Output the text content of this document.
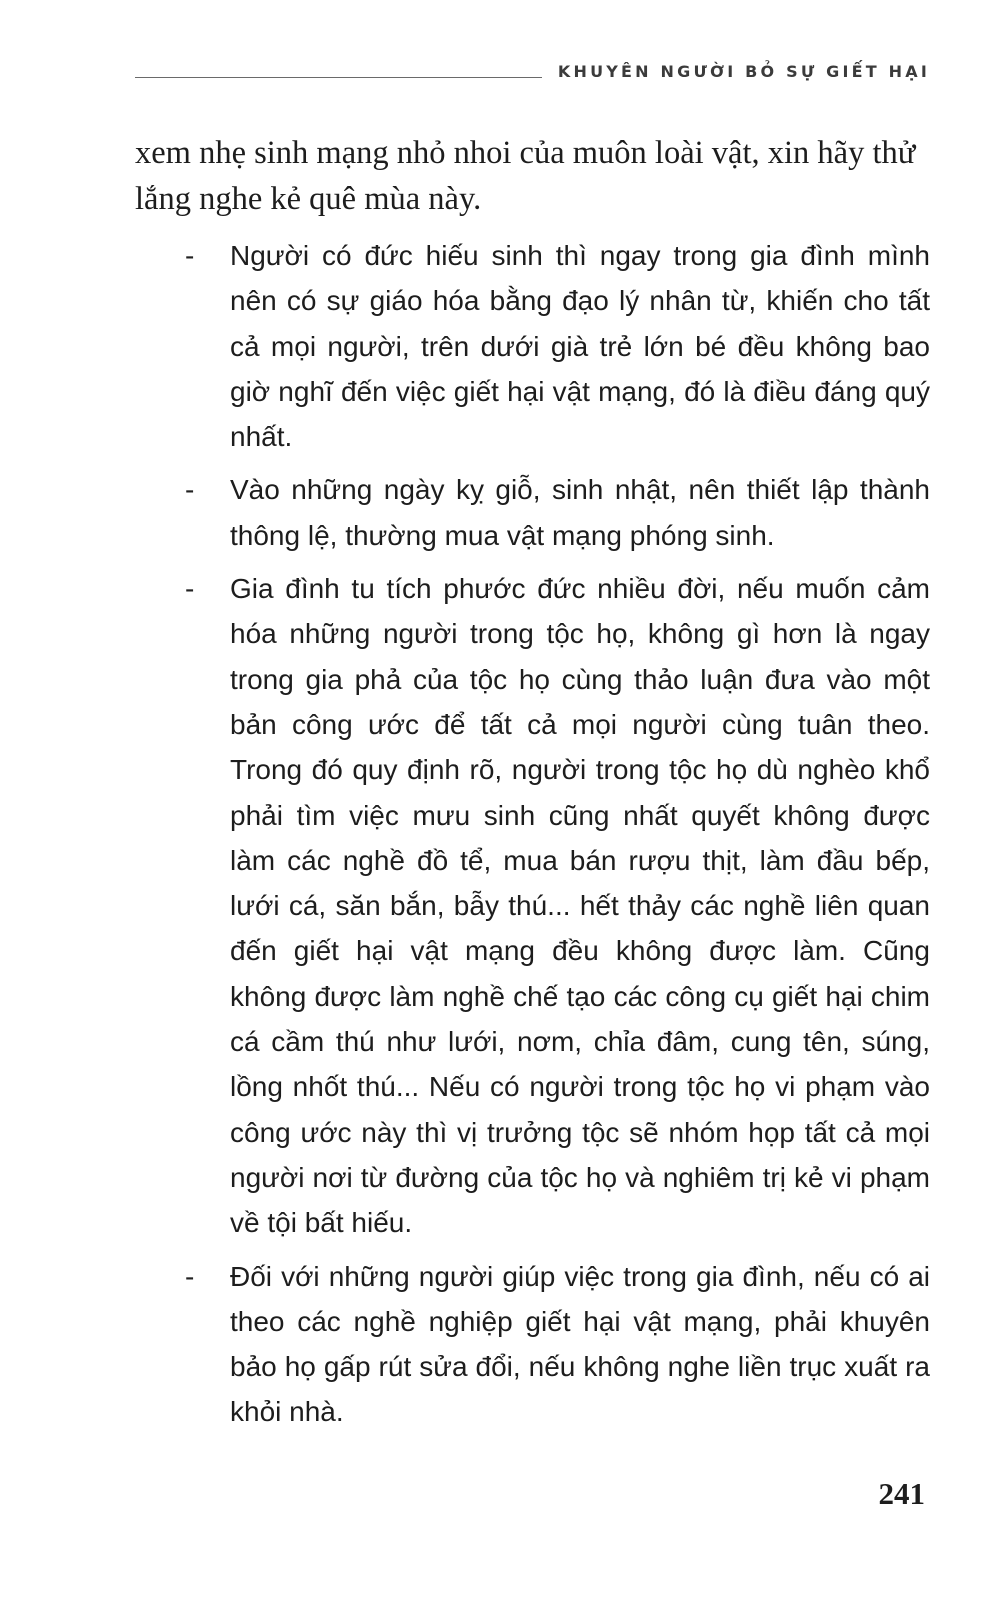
KHUYÊN NGƯỜI BỎ SỰ GIẾT HẠI

xem nhẹ sinh mạng nhỏ nhoi của muôn loài vật, xin hãy thử lắng nghe kẻ quê mùa này.

-	Người có đức hiếu sinh thì ngay trong gia đình mình nên có sự giáo hóa bằng đạo lý nhân từ, khiến cho tất cả mọi người, trên dưới già trẻ lớn bé đều không bao giờ nghĩ đến việc giết hại vật mạng, đó là điều đáng quý nhất.
-	Vào những ngày kỵ giỗ, sinh nhật, nên thiết lập thành thông lệ, thường mua vật mạng phóng sinh.
-	Gia đình tu tích phước đức nhiều đời, nếu muốn cảm hóa những người trong tộc họ, không gì hơn là ngay trong gia phả của tộc họ cùng thảo luận đưa vào một bản công ước để tất cả mọi người cùng tuân theo. Trong đó quy định rõ, người trong tộc họ dù nghèo khổ phải tìm việc mưu sinh cũng nhất quyết không được làm các nghề đồ tể, mua bán rượu thịt, làm đầu bếp, lưới cá, săn bắn, bẫy thú... hết thảy các nghề liên quan đến giết hại vật mạng đều không được làm. Cũng không được làm nghề chế tạo các công cụ giết hại chim cá cầm thú như lưới, nơm, chỉa đâm, cung tên, súng, lồng nhốt thú... Nếu có người trong tộc họ vi phạm vào công ước này thì vị trưởng tộc sẽ nhóm họp tất cả mọi người nơi từ đường của tộc họ và nghiêm trị kẻ vi phạm về tội bất hiếu.
-	Đối với những người giúp việc trong gia đình, nếu có ai theo các nghề nghiệp giết hại vật mạng, phải khuyên bảo họ gấp rút sửa đổi, nếu không nghe liền trục xuất ra khỏi nhà.
241
